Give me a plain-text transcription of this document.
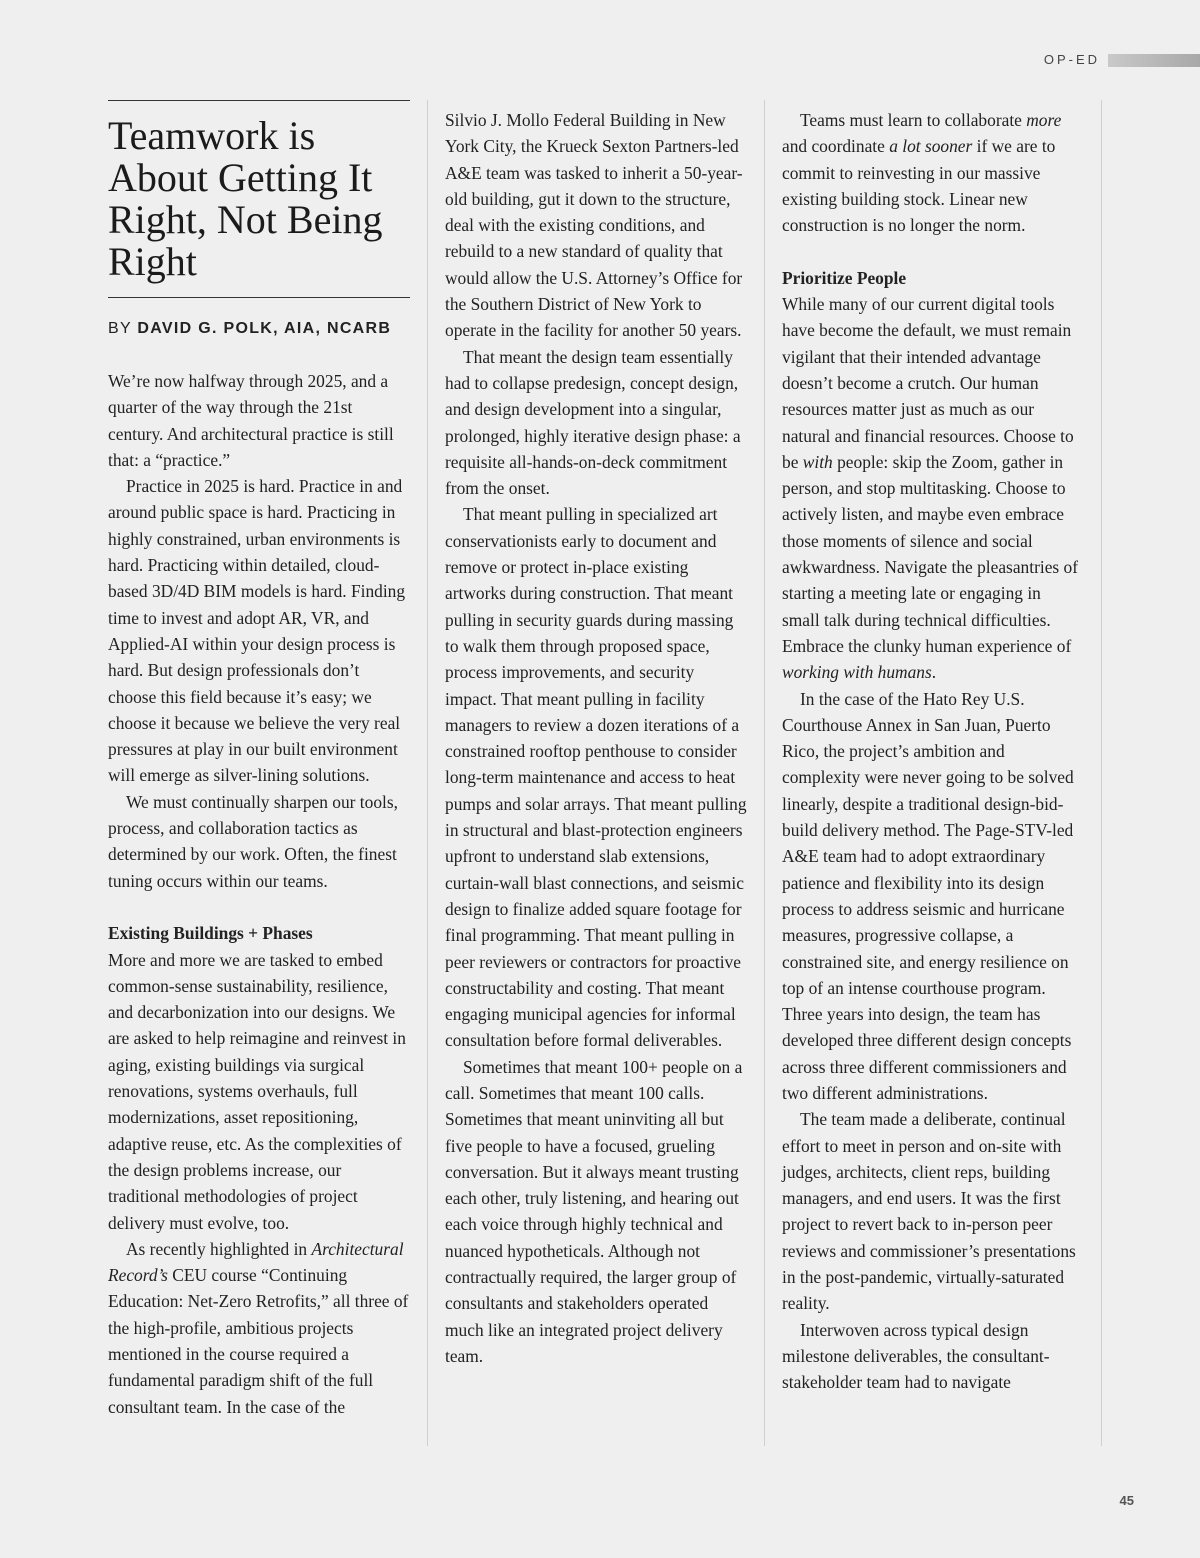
OP-ED
Teamwork is About Getting It Right, Not Being Right
BY DAVID G. POLK, AIA, NCARB

We’re now halfway through 2025, and a quarter of the way through the 21st century. And architectural practice is still that: a “practice.”

Practice in 2025 is hard. Practice in and around public space is hard. Practicing in highly constrained, urban environments is hard. Practicing within detailed, cloud-based 3D/4D BIM models is hard. Finding time to invest and adopt AR, VR, and Applied-AI within your design process is hard. But design professionals don’t choose this field because it’s easy; we choose it because we believe the very real pressures at play in our built environment will emerge as silver-lining solutions.

We must continually sharpen our tools, process, and collaboration tactics as determined by our work. Often, the finest tuning occurs within our teams.

Existing Buildings + Phases

More and more we are tasked to embed common-sense sustainability, resilience, and decarbonization into our designs. We are asked to help reimagine and reinvest in aging, existing buildings via surgical renovations, systems overhauls, full modernizations, asset repositioning, adaptive reuse, etc. As the complexities of the design problems increase, our traditional methodologies of project delivery must evolve, too.

As recently highlighted in Architectural Record’s CEU course “Continuing Education: Net-Zero Retrofits,” all three of the high-profile, ambitious projects mentioned in the course required a fundamental paradigm shift of the full consultant team. In the case of the

Silvio J. Mollo Federal Building in New York City, the Krueck Sexton Partners-led A&E team was tasked to inherit a 50-year-old building, gut it down to the structure, deal with the existing conditions, and rebuild to a new standard of quality that would allow the U.S. Attorney’s Office for the Southern District of New York to operate in the facility for another 50 years.

That meant the design team essentially had to collapse predesign, concept design, and design development into a singular, prolonged, highly iterative design phase: a requisite all-hands-on-deck commitment from the onset.

That meant pulling in specialized art conservationists early to document and remove or protect in-place existing artworks during construction. That meant pulling in security guards during massing to walk them through proposed space, process improvements, and security impact. That meant pulling in facility managers to review a dozen iterations of a constrained rooftop penthouse to consider long-term maintenance and access to heat pumps and solar arrays. That meant pulling in structural and blast-protection engineers upfront to understand slab extensions, curtain-wall blast connections, and seismic design to finalize added square footage for final programming. That meant pulling in peer reviewers or contractors for proactive constructability and costing. That meant engaging municipal agencies for informal consultation before formal deliverables.

Sometimes that meant 100+ people on a call. Sometimes that meant 100 calls. Sometimes that meant uninviting all but five people to have a focused, grueling conversation. But it always meant trusting each other, truly listening, and hearing out each voice through highly technical and nuanced hypotheticals. Although not contractually required, the larger group of consultants and stakeholders operated much like an integrated project delivery team.

Teams must learn to collaborate more and coordinate a lot sooner if we are to commit to reinvesting in our massive existing building stock. Linear new construction is no longer the norm.

Prioritize People

While many of our current digital tools have become the default, we must remain vigilant that their intended advantage doesn’t become a crutch. Our human resources matter just as much as our natural and financial resources. Choose to be with people: skip the Zoom, gather in person, and stop multitasking. Choose to actively listen, and maybe even embrace those moments of silence and social awkwardness. Navigate the pleasantries of starting a meeting late or engaging in small talk during technical difficulties. Embrace the clunky human experience of working with humans.

In the case of the Hato Rey U.S. Courthouse Annex in San Juan, Puerto Rico, the project’s ambition and complexity were never going to be solved linearly, despite a traditional design-bid-build delivery method. The Page-STV-led A&E team had to adopt extraordinary patience and flexibility into its design process to address seismic and hurricane measures, progressive collapse, a constrained site, and energy resilience on top of an intense courthouse program. Three years into design, the team has developed three different design concepts across three different commissioners and two different administrations.

The team made a deliberate, continual effort to meet in person and on-site with judges, architects, client reps, building managers, and end users. It was the first project to revert back to in-person peer reviews and commissioner’s presentations in the post-pandemic, virtually-saturated reality.

Interwoven across typical design milestone deliverables, the consultant-stakeholder team had to navigate

45
